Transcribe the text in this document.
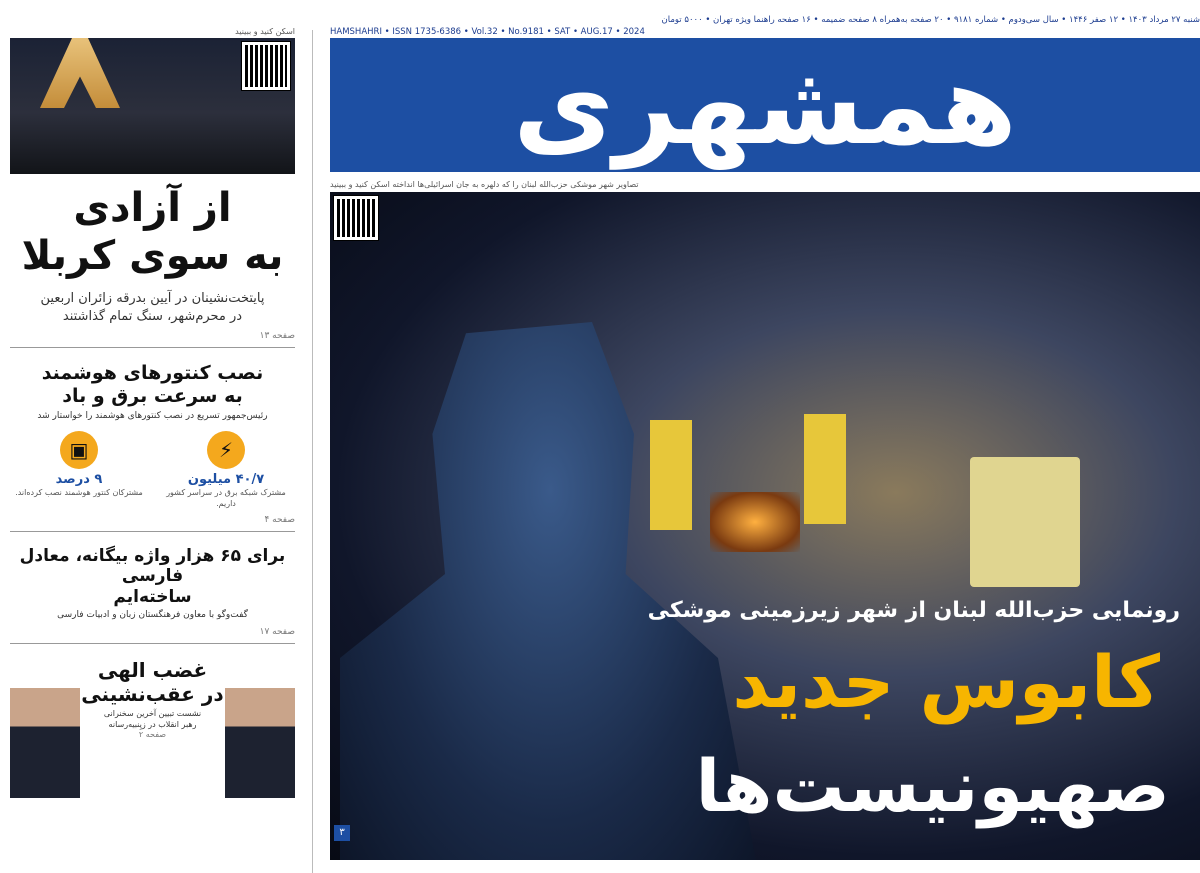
اسکن کنید و ببینید
از آزادی
به سوی کربلا
پایتخت‌نشینان در آیین بدرقه زائران اربعین
در محرم‌شهر، سنگ تمام گذاشتند
صفحه ۱۳
نصب کنتورهای هوشمند
به سرعت برق و باد
رئیس‌جمهور تسریع در نصب کنتورهای هوشمند را خواستار شد
⚡
۴۰/۷ میلیون
مشترک شبکه برق در سراسر کشور داریم.
▣
۹ درصد
مشترکان کنتور هوشمند نصب کرده‌اند.
صفحه ۴
برای ۶۵ هزار واژه بیگانه، معادل فارسی
ساخته‌ایم
گفت‌وگو با معاون فرهنگستان زبان و ادبیات فارسی
صفحه ۱۷
غضب الهی
در عقب‌نشینی
نشست تبیین آخرین سخنرانی
رهبر انقلاب در زیِنبیه‌رسانه
صفحه ۲
شنبه ۲۷ مرداد ۱۴۰۳ • ۱۲ صفر ۱۴۴۶ • سال سی‌ودوم • شماره ۹۱۸۱ • ۲۰ صفحه به‌همراه ۸ صفحه ضمیمه • ۱۶ صفحه راهنما ویژه تهران • ۵۰۰۰ تومان
HAMSHAHRI • ISSN 1735-6386 • Vol.32 • No.9181 • SAT • AUG.17 • 2024
همشهری
تصاویر شهر موشکی حزب‌الله لبنان را که دلهره به جان اسرائیلی‌ها انداخته اسکن کنید و ببینید
رونمایی حزب‌الله لبنان از شهر زیرزمینی موشکی
کابوس جدید
صهیونیست‌ها
۳
